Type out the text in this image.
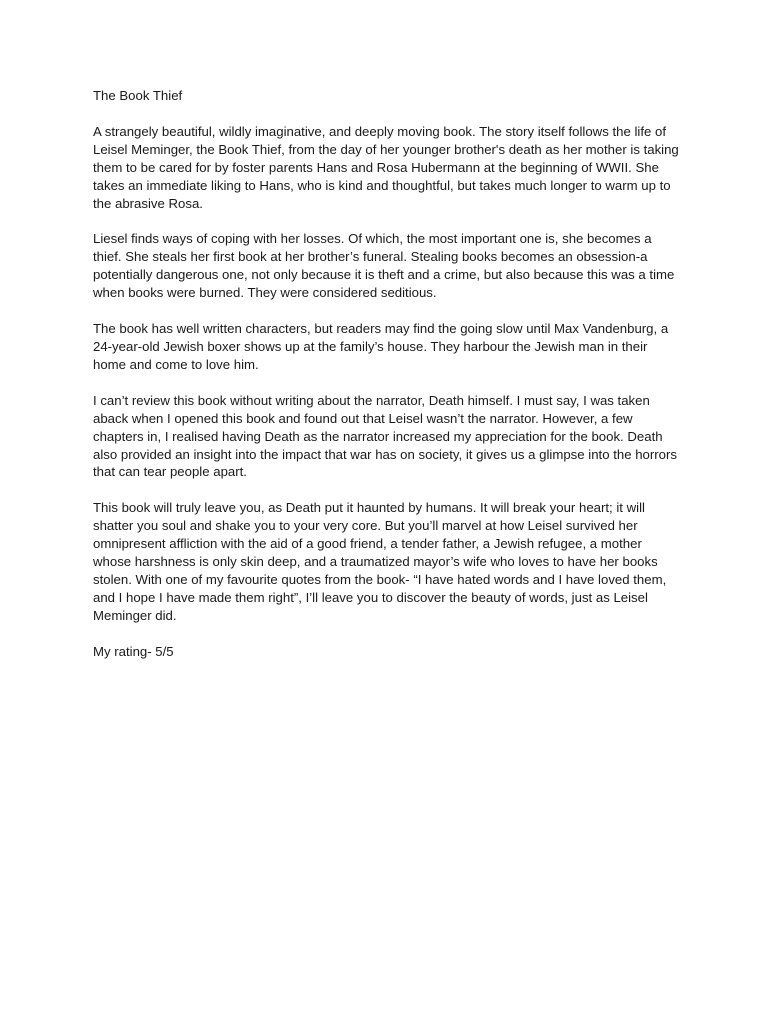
The Book Thief

A strangely beautiful, wildly imaginative, and deeply moving book. The story itself follows the life of Leisel Meminger, the Book Thief, from the day of her younger brother's death as her mother is taking them to be cared for by foster parents Hans and Rosa Hubermann at the beginning of WWII. She takes an immediate liking to Hans, who is kind and thoughtful, but takes much longer to warm up to the abrasive Rosa.

Liesel finds ways of coping with her losses. Of which, the most important one is, she becomes a thief. She steals her first book at her brother’s funeral. Stealing books becomes an obsession-a potentially dangerous one, not only because it is theft and a crime, but also because this was a time when books were burned. They were considered seditious.

The book has well written characters, but readers may find the going slow until Max Vandenburg, a 24-year-old Jewish boxer shows up at the family’s house. They harbour the Jewish man in their home and come to love him.

I can’t review this book without writing about the narrator, Death himself. I must say, I was taken aback when I opened this book and found out that Leisel wasn’t the narrator. However, a few chapters in, I realised having Death as the narrator increased my appreciation for the book. Death also provided an insight into the impact that war has on society, it gives us a glimpse into the horrors that can tear people apart.

This book will truly leave you, as Death put it haunted by humans. It will break your heart; it will shatter you soul and shake you to your very core. But you’ll marvel at how Leisel survived her omnipresent affliction with the aid of a good friend, a tender father, a Jewish refugee, a mother whose harshness is only skin deep, and a traumatized mayor’s wife who loves to have her books stolen. With one of my favourite quotes from the book- “I have hated words and I have loved them, and I hope I have made them right”, I’ll leave you to discover the beauty of words, just as Leisel Meminger did.

My rating- 5/5
